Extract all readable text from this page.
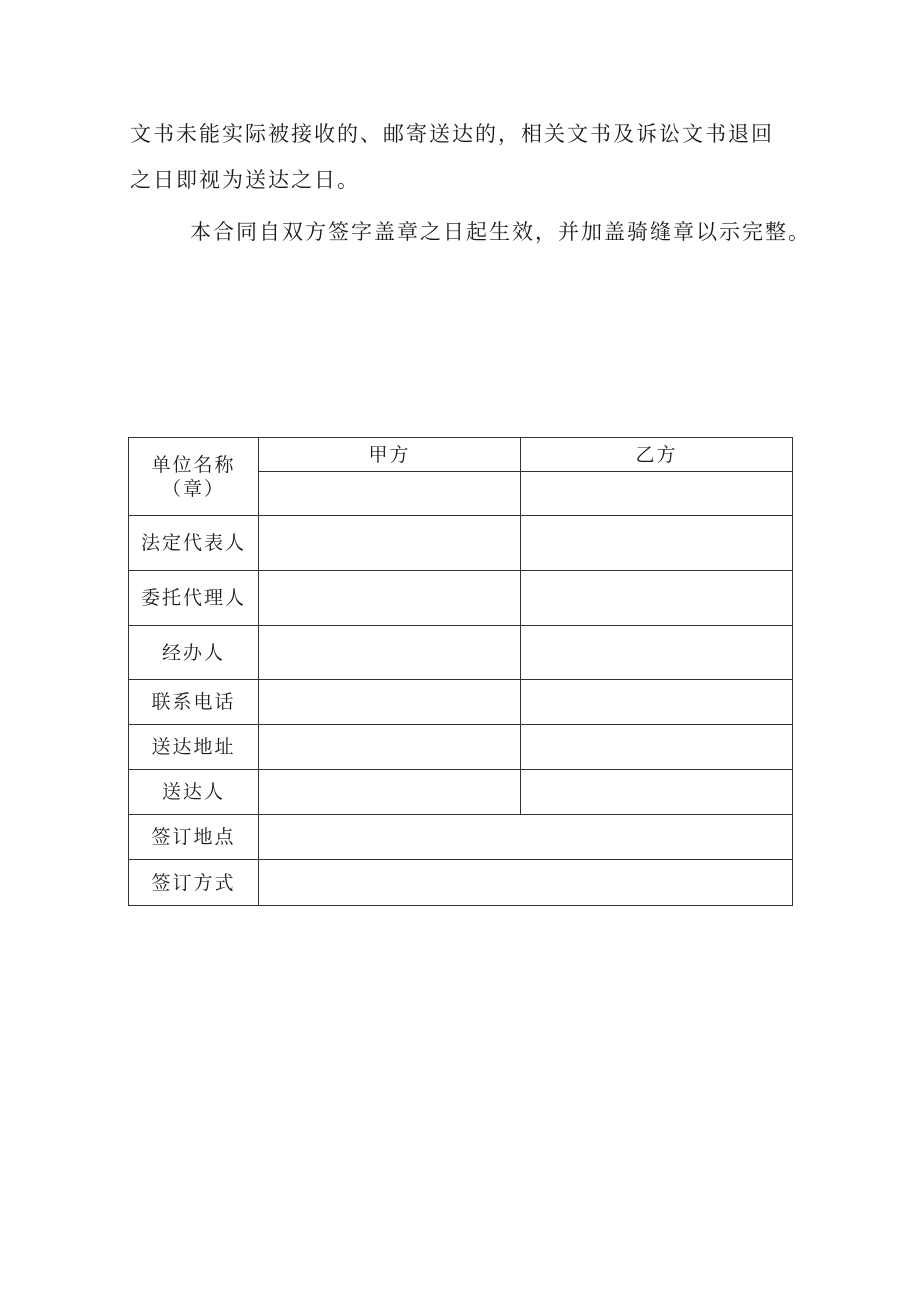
文书未能实际被接收的、邮寄送达的，相关文书及诉讼文书退回

之日即视为送达之日。

本合同自双方签字盖章之日起生效，并加盖骑缝章以示完整。

单位名称
（章）	甲方	乙方

法定代表人		
委托代理人		
经办人		
联系电话		
送达地址		
送达人		
签订地点		
签订方式		
